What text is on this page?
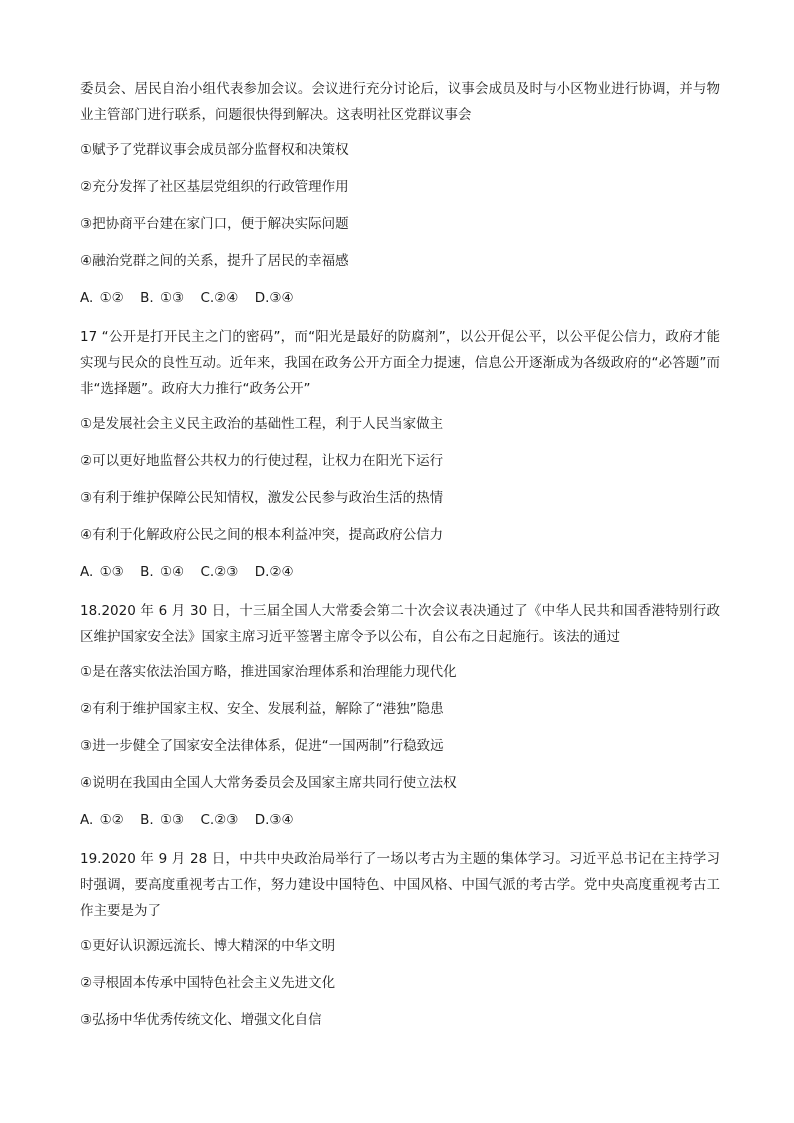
委员会、居民自治小组代表参加会议。会议进行充分讨论后，议事会成员及时与小区物业进行协调，并与物业主管部门进行联系，问题很快得到解决。这表明社区党群议事会

①赋予了党群议事会成员部分监督权和决策权

②充分发挥了社区基层党组织的行政管理作用

③把协商平台建在家门口，便于解决实际问题

④融治党群之间的关系，提升了居民的幸福感

A. ①② B. ①③ C.②④ D.③④

17 “公开是打开民主之门的密码”，而“阳光是最好的防腐剂”，以公开促公平，以公平促公信力，政府才能实现与民众的良性互动。近年来，我国在政务公开方面全力提速，信息公开逐渐成为各级政府的“必答题”而非“选择题”。政府大力推行“政务公开”

①是发展社会主义民主政治的基础性工程，利于人民当家做主

②可以更好地监督公共权力的行使过程，让权力在阳光下运行

③有利于维护保障公民知情权，激发公民参与政治生活的热情

④有利于化解政府公民之间的根本利益冲突，提高政府公信力

A. ①③ B. ①④ C.②③ D.②④

18.2020 年 6 月 30 日，十三届全国人大常委会第二十次会议表决通过了《中华人民共和国香港特别行政区维护国家安全法》国家主席习近平签署主席令予以公布，自公布之日起施行。该法的通过

①是在落实依法治国方略，推进国家治理体系和治理能力现代化

②有利于维护国家主权、安全、发展利益，解除了“港独”隐患

③进一步健全了国家安全法律体系，促进“一国两制”行稳致远

④说明在我国由全国人大常务委员会及国家主席共同行使立法权

A. ①② B. ①③ C.②③ D.③④

19.2020 年 9 月 28 日，中共中央政治局举行了一场以考古为主题的集体学习。习近平总书记在主持学习时强调，要高度重视考古工作，努力建设中国特色、中国风格、中国气派的考古学。党中央高度重视考古工作主要是为了

①更好认识源远流长、博大精深的中华文明

②寻根固本传承中国特色社会主义先进文化

③弘扬中华优秀传统文化、增强文化自信
